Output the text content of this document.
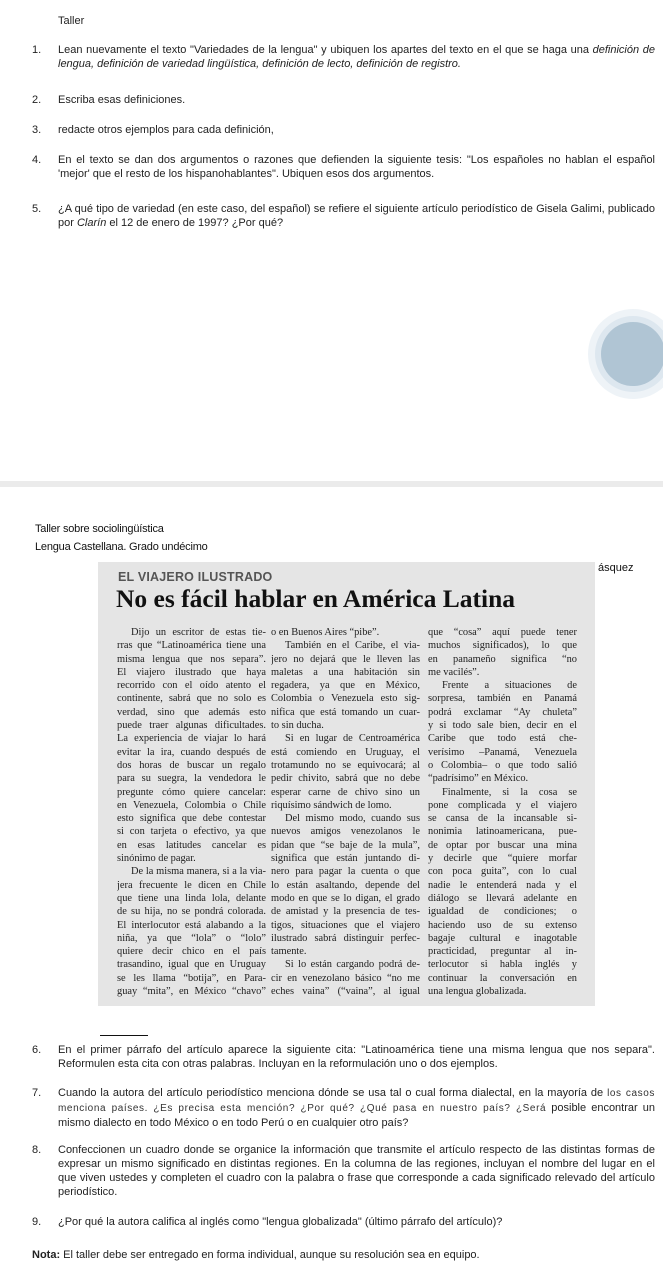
Taller
1.	Lean nuevamente el texto "Variedades de la lengua" y ubiquen los apartes del texto en el que se haga una definición de lengua, definición de variedad lingüística, definición de lecto, definición de registro.
2.	Escriba esas definiciones.
3.	redacte otros ejemplos para cada definición,
4.	En el texto se dan dos argumentos o razones que defienden la siguiente tesis: "Los españoles no hablan el español 'mejor' que el resto de los hispanohablantes". Ubiquen esos dos argumentos.
5.	¿A qué tipo de variedad (en este caso, del español) se refiere el siguiente artículo periodístico de Gisela Galimi, publicado por Clarín el 12 de enero de 1997? ¿Por qué?
Taller sobre sociolingüística
Lengua Castellana. Grado undécimo
ásquez
EL VIAJERO ILUSTRADO
No es fácil hablar en América Latina
Dijo un escritor de estas tie-
rras que “Latinoamérica tiene una
misma lengua que nos separa”.
El viajero ilustrado que haya
recorrido con el oído atento el
continente, sabrá que no solo es
verdad, sino que además esto
puede traer algunas dificultades.
La experiencia de viajar lo hará
evitar la ira, cuando después de
dos horas de buscar un regalo
para su suegra, la vendedora le
pregunte cómo quiere cancelar:
en Venezuela, Colombia o Chile
esto significa que debe contestar
si con tarjeta o efectivo, ya que
en esas latitudes cancelar es
sinónimo de pagar.
De la misma manera, si a la via-
jera frecuente le dicen en Chile
que tiene una linda lola, delante
de su hija, no se pondrá colorada.
El interlocutor está alabando a la
niña, ya que “lola” o “lolo”
quiere decir chico en el país
trasandino, igual que en Uruguay
se les llama “botija”, en Para-
guay “mita”, en México “chavo”
o en Buenos Aires “pibe”.
También en el Caribe, el via-
jero no dejará que le lleven las
maletas a una habitación sin
regadera, ya que en México,
Colombia o Venezuela esto sig-
nifica que está tomando un cuar-
to sin ducha.
Si en lugar de Centroamérica
está comiendo en Uruguay, el
trotamundo no se equivocará; al
pedir chivito, sabrá que no debe
esperar carne de chivo sino un
riquísimo sándwich de lomo.
Del mismo modo, cuando sus
nuevos amigos venezolanos le
pidan que “se baje de la mula”,
significa que están juntando di-
nero para pagar la cuenta o que
lo están asaltando, depende del
modo en que se lo digan, el grado
de amistad y la presencia de tes-
tigos, situaciones que el viajero
ilustrado sabrá distinguir perfec-
tamente.
Si lo están cargando podrá de-
cir en venezolano básico “no me
eches vaina” (“vaina”, al igual
que “cosa” aquí puede tener
muchos significados), lo que
en panameño significa “no
me vacilés”.
Frente a situaciones de
sorpresa, también en Panamá
podrá exclamar “Ay chuleta”
y si todo sale bien, decir en el
Caribe que todo está che-
verísimo –Panamá, Venezuela
o Colombia– o que todo salió
“padrísimo” en México.
Finalmente, si la cosa se
pone complicada y el viajero
se cansa de la incansable si-
nonimia latinoamericana, pue-
de optar por buscar una mina
y decirle que “quiere morfar
con poca guita”, con lo cual
nadie le entenderá nada y el
diálogo se llevará adelante en
igualdad de condiciones; o
haciendo uso de su extenso
bagaje cultural e inagotable
practicidad, preguntar al in-
terlocutor si habla inglés y
continuar la conversación en
una lengua globalizada.
6.	En el primer párrafo del artículo aparece la siguiente cita: "Latinoamérica tiene una misma lengua que nos separa". Reformulen esta cita con otras palabras. Incluyan en la reformulación uno o dos ejemplos.
7.	Cuando la autora del artículo periodístico menciona dónde se usa tal o cual forma dialectal, en la mayoría de los casos menciona países. ¿Es precisa esta mención? ¿Por qué? ¿Qué pasa en nuestro país? ¿Será posible encontrar un mismo dialecto en todo México o en todo Perú o en cualquier otro país?
8.	Confeccionen un cuadro donde se organice la información que transmite el artículo respecto de las distintas formas de expresar un mismo significado en distintas regiones. En la columna de las regiones, incluyan el nombre del lugar en el que viven ustedes y completen el cuadro con la palabra o frase que corresponde a cada significado relevado del artículo periodístico.
9.	¿Por qué la autora califica al inglés como "lengua globalizada" (último párrafo del artículo)?
Nota: El taller debe ser entregado en forma individual, aunque su resolución sea en equipo.
